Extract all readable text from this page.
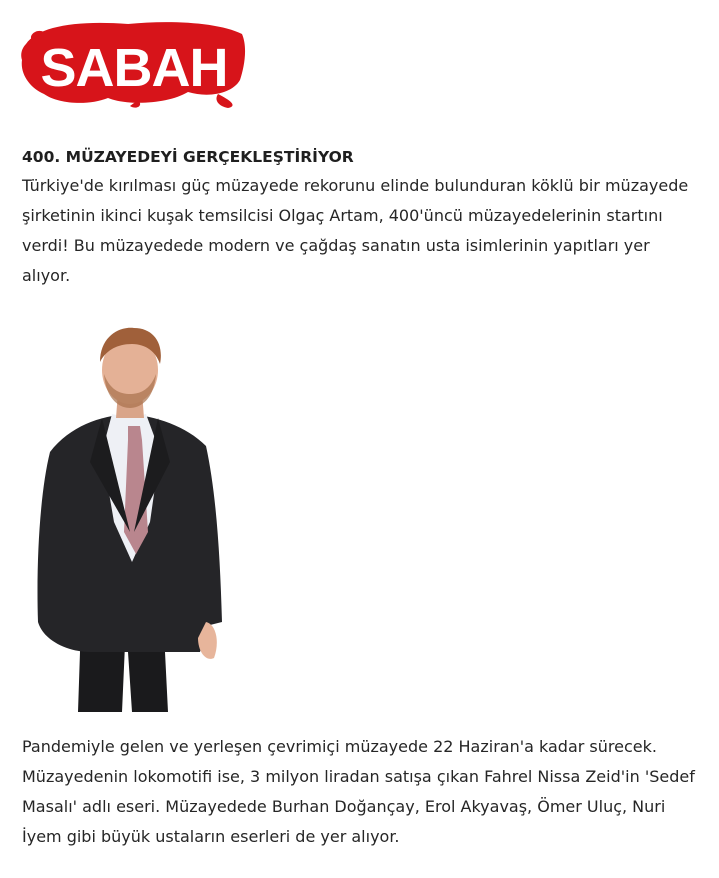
SABAH
400. MÜZAYEDEYİ GERÇEKLEŞTİRİYOR

Türkiye'de kırılması güç müzayede rekorunu elinde bulunduran köklü bir müzayede şirketinin ikinci kuşak temsilcisi Olgaç Artam, 400'üncü müzayedelerinin startını verdi! Bu müzayedede modern ve çağdaş sanatın usta isimlerinin yapıtları yer alıyor.

Pandemiyle gelen ve yerleşen çevrimiçi müzayede 22 Haziran'a kadar sürecek. Müzayedenin lokomotifi ise, 3 milyon liradan satışa çıkan Fahrel Nissa Zeid'in 'Sedef Masalı' adlı eseri. Müzayedede Burhan Doğançay, Erol Akyavaş, Ömer Uluç, Nuri İyem gibi büyük ustaların eserleri de yer alıyor.
